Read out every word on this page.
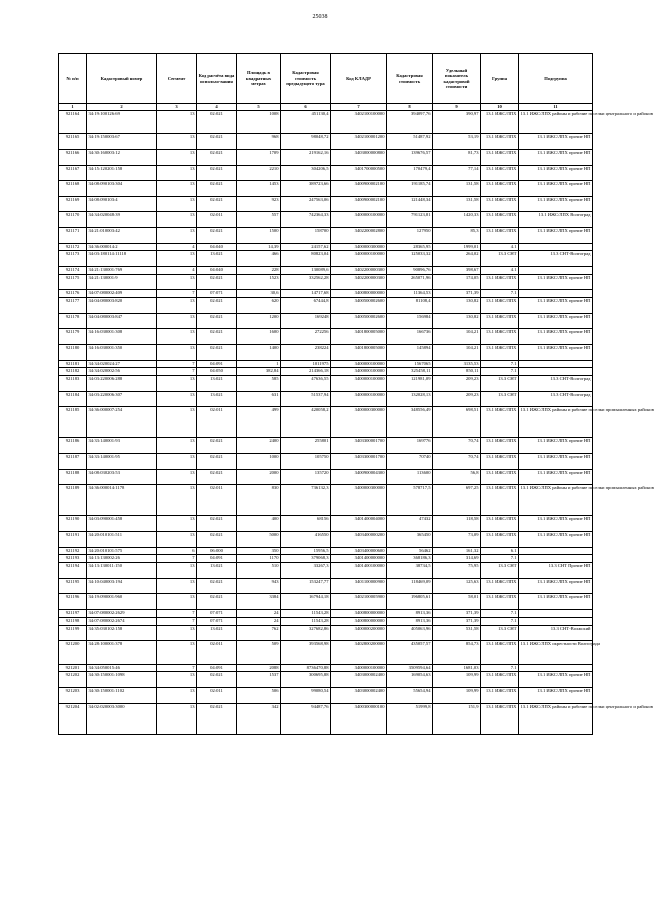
25038
№ п/п	Кадастровый номер	Сегмент	Код расчёта вида использо-вания	Площадь в квадратных метрах	Кадастровая стоимость предыдущего тура	Код КЛАДР	Кадастровая стоимость	Удельный показатель кадастровой стоимости	Группа	Подгруппа
1	2	3	4	5	6	7	8	9	10	11
921164	34:19:100126:69	13	02:021	1008	451130,4	3402100100000	394097,76	390,97	13.1 ИЖС/ЛПХ	13.1 ИЖС/ЛПХ районы и рабочие поселки центрального и районов
921165	34:19:150003:67	13	02:021	968	98048,72	3402100001200	51487,92	53,19	13.1 ИЖС/ЛПХ	13.1 ИЖС/ЛПХ прочие НП
921166	34:30:160003:12	13	02:021	1709	219162,16	3403000000800	139676,57	81,73	13.1 ИЖС/ЛПХ	13.1 ИЖС/ЛПХ прочие НП
921167	34:15:120201:158	13	02:021	2210	304206,5	3401700000500	170479,4	77,14	13.1 ИЖС/ЛПХ	13.1 ИЖС/ЛПХ прочие НП
921168	34:08:090103:304	13	02:021	1453	389723,66	3400900002100	191185,74	131,58	13.1 ИЖС/ЛПХ	13.1 ИЖС/ЛПХ прочие НП
921169	34:08:090103:4	13	02:021	923	247563,06	3400900002100	121448,34	131,58	13.1 ИЖС/ЛПХ	13.1 ИЖС/ЛПХ прочие НП
921170	34:34:020048:39	13	02:011	557	742364,33	3400000100000	791123,81	1420,33	13.1 ИЖС/ЛПХ	13.1 ИЖС/ЛПХ Волгоград
921171	34:21:010003:42	13	02:021	1500	158700	3402200002800	127950	85,3	13.1 ИЖС/ЛПХ	13.1 ИЖС/ЛПХ прочие НП
921172	34:36:000014:2	4	04:040	14,39	24157,62	3400000300000	28365,95	1999,01	4.1	
921173	34:03:180114:11118	13	13:021	466	80823,04	3400000100000	125033,32	264,02	13.3 СНТ	13.3 СНТ-Волгоград
921174	34:21:130001:769	4	04:040	228	130089,6	3402200000300	90896,76	398,67	4.1	
921175	34:21:130001:9	13	02:021	1523	332562,28	3402200000300	265071,96	174,05	13.1 ИЖС/ЛПХ	13.1 ИЖС/ЛПХ прочие НП
921176	34:07:080002:409	7	07:071	30,6	14717,68	3400800000000	11364,53	371,39	7.1	
921177	34:04:080003:820	13	02:021	620	67444,8	3400500002600	81108,4	130,82	13.1 ИЖС/ЛПХ	13.1 ИЖС/ЛПХ прочие НП
921178	34:04:080003:847	13	02:021	1200	169248	3400500002600	156984	130,82	13.1 ИЖС/ЛПХ	13.1 ИЖС/ЛПХ прочие НП
921179	34:16:030001:308	13	02:021	1600	272256	3401800005000	166736	104,21	13.1 ИЖС/ЛПХ	13.1 ИЖС/ЛПХ прочие НП
921180	34:16:030001:350	13	02:021	1400	238224	3401800005000	145894	104,21	13.1 ИЖС/ЛПХ	13.1 ИЖС/ЛПХ прочие НП
921181	34:34:020024:27	7	04:091	1	1011975	3400000100000	1567065	3135,53	7.1	
921182	34:34:020002:56	7	04:050	382,84	214366,18	3400000100000	325458,11	850,11	7.1	
921183	34:03:220006:288	13	13:021	585	47636,55	3400000100000	121981,09	209,23	13.3 СНТ	13.3 СНТ-Волгоград
921184	34:03:220006:307	13	13:021	631	51537,94	3400000100000	132028,13	209,23	13.3 СНТ	13.3 СНТ-Волгоград
921185	34:36:000007:254	13	02:011	499	420058,2	3400000300000	348556,49	698,51	13.1 ИЖС/ЛПХ	13.1 ИЖС/ЛПХ районы и рабочие поселки промышленных районов
921186	34:33:140001:93	13	02:021	2400	255801	3403300001700	169776	70,74	13.1 ИЖС/ЛПХ	13.1 ИЖС/ЛПХ прочие НП
921187	34:33:140001:95	13	02:021	1000	105750	3403300001700	70740	70,74	13.1 ИЖС/ЛПХ	13.1 ИЖС/ЛПХ прочие НП
921188	34:08:030203:53	13	02:021	2000	135720	3400900004300	113600	56,8	13.1 ИЖС/ЛПХ	13.1 ИЖС/ЛПХ прочие НП
921189	34:36:000014:1178	13	02:011	830	736132,3	3400000300000	578717,5	697,25	13.1 ИЖС/ЛПХ	13.1 ИЖС/ЛПХ районы и рабочие поселки промышленных районов
921190	34:03:090001:458	13	02:021	400	68156	3401400004000	47432	118,58	13.1 ИЖС/ЛПХ	13.1 ИЖС/ЛПХ прочие НП
921191	34:20:010101:511	13	02:021	5000	416550	3403400000200	365450	73,09	13.1 ИЖС/ЛПХ	13.1 ИЖС/ЛПХ прочие НП
921192	34:20:010101:575	6	06:000	350	15956,5	3403400000600	56462	161,32	6.1	
921193	34:13:130002:26	7	04:091	1170	379068,3	3401400000000	368186,3	314,69	7.1	
921194	34:13:130011:150	13	13:021	510	33267,3	3401400100000	38734,5	75,95	13.3 СНТ	13.3 СНТ Прочие НП
921195	34:10:040003:194	13	02:021	943	153247,77	3401100000900	118469,09	125,63	13.1 ИЖС/ЛПХ	13.1 ИЖС/ЛПХ прочие НП
921196	34:19:090001:960	13	02:021	3384	167944,18	3402100005900	196805,61	58,01	13.1 ИЖС/ЛПХ	13.1 ИЖС/ЛПХ прочие НП
921197	34:07:080002:2629	7	07:071	24	11543,28	3400800000000	8913,36	371,39	7.1	
921198	34:07:080002:2674	7	07:071	24	11543,28	3400800000000	8913,36	371,39	7.1	
921199	34:35:030102:158	13	13:021	762	327682,86	3400000200000	405063,96	531,58	13.3 СНТ	13.3 СНТ-Волжский
921200	34:28:100001:378	13	02:011	509	393568,98	3402800200000	435057,57	854,73	13.1 ИЖС/ЛПХ	13.1 ИЖС/ЛПХ окрестности Волгограда
921201	34:34:050015:46	7	04:091	2088	8736470,88	3400000100000	3509594,64	1681,03	7.1	
921202	34:30:150001:1098	13	02:021	1537	300695,88	3403000002400	169054,63	109,99	13.1 ИЖС/ЛПХ	13.1 ИЖС/ЛПХ прочие НП
921203	34:30:150001:1102	13	02:011	506	99080,54	3403000002400	55654,94	109,99	13.1 ИЖС/ЛПХ	13.1 ИЖС/ЛПХ прочие НП
921204	34:02:020003:3000	13	02:021	342	94487,76	3400300000100	51999,8	151,9	13.1 ИЖС/ЛПХ	13.1 ИЖС/ЛПХ районы и рабочие поселки центрального и районов
